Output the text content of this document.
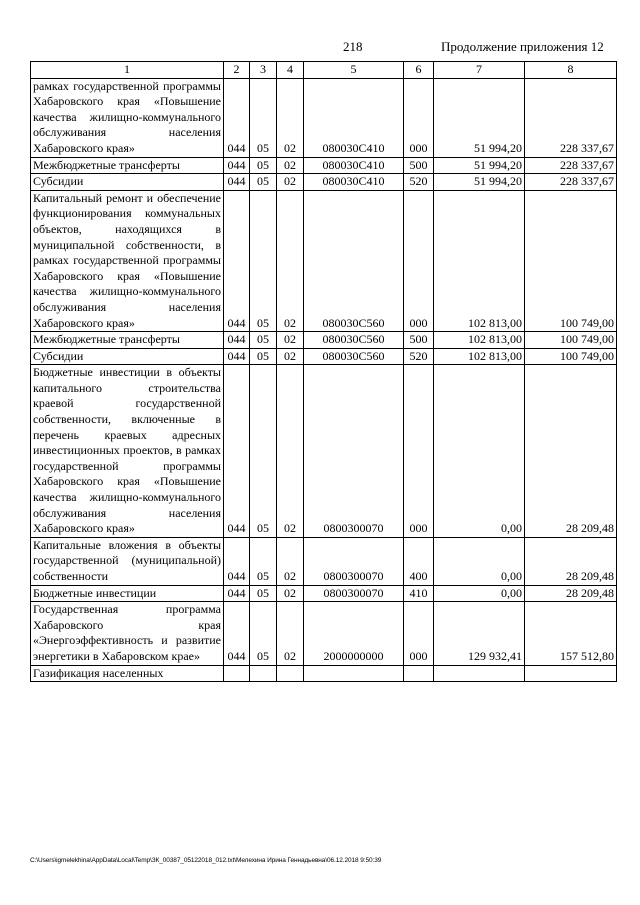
218	Продолжение приложения 12
1	2	3	4	5	6	7	8
рамках государственной программы Хабаровского края «Повышение качества жилищно-коммунального обслуживания населения Хабаровского края»	044	05	02	080030С410	000	51 994,20	228 337,67
Межбюджетные трансферты	044	05	02	080030С410	500	51 994,20	228 337,67
Субсидии	044	05	02	080030С410	520	51 994,20	228 337,67
Капитальный ремонт и обеспечение функционирования коммунальных объектов, находящихся в муниципальной собственности, в рамках государственной программы Хабаровского края «Повышение качества жилищно-коммунального обслуживания населения Хабаровского края»	044	05	02	080030С560	000	102 813,00	100 749,00
Межбюджетные трансферты	044	05	02	080030С560	500	102 813,00	100 749,00
Субсидии	044	05	02	080030С560	520	102 813,00	100 749,00
Бюджетные инвестиции в объекты капитального строительства краевой государственной собственности, включенные в перечень краевых адресных инвестиционных проектов, в рамках государственной программы Хабаровского края «Повышение качества жилищно-коммунального обслуживания населения Хабаровского края»	044	05	02	0800300070	000	0,00	28 209,48
Капитальные вложения в объекты государственной (муниципальной) собственности	044	05	02	0800300070	400	0,00	28 209,48
Бюджетные инвестиции	044	05	02	0800300070	410	0,00	28 209,48
Государственная программа Хабаровского края «Энергоэффективность и развитие энергетики в Хабаровском крае»	044	05	02	2000000000	000	129 932,41	157 512,80
Газификация населенных							
C:\Users\igmelekhina\AppData\Local\Temp\ЗК_00387_05122018_012.txt\Мелехина Ирина Геннадьевна\06.12.2018 9:50:39
